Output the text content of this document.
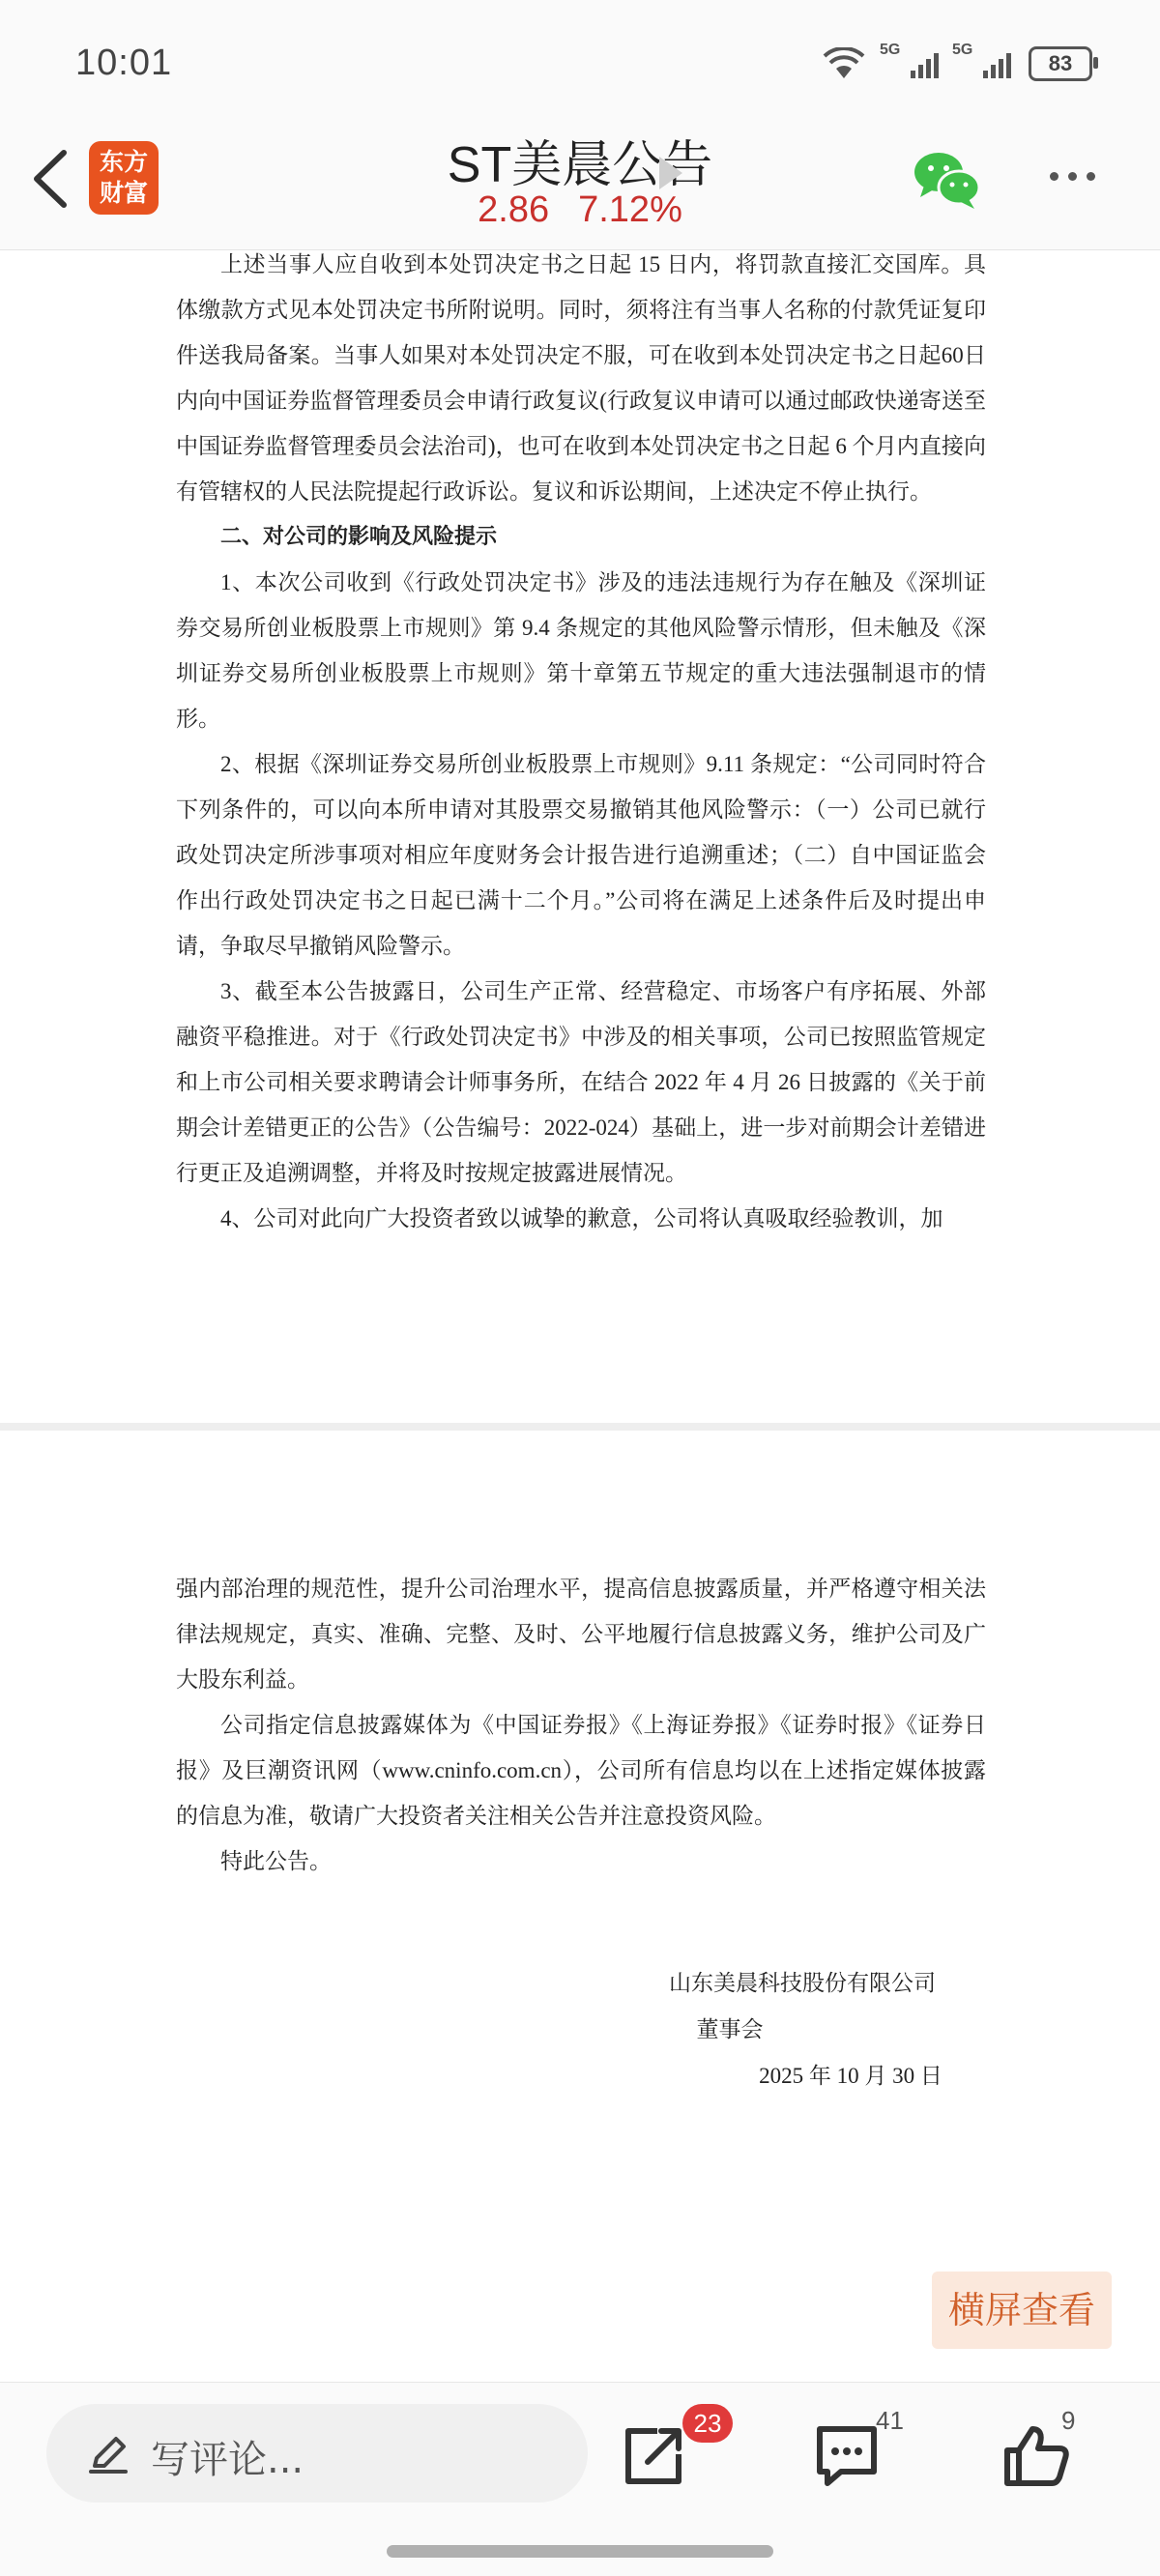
10:01	5G	5G
83
东方
财富	ST美晨公告
2.86 7.12%

上述当事人应自收到本处罚决定书之日起 15 日内，将罚款直接汇交国库。具体缴款方式见本处罚决定书所附说明。同时，须将注有当事人名称的付款凭证复印件送我局备案。当事人如果对本处罚决定不服，可在收到本处罚决定书之日起60日内向中国证券监督管理委员会申请行政复议(行政复议申请可以通过邮政快递寄送至中国证券监督管理委员会法治司)，也可在收到本处罚决定书之日起 6 个月内直接向有管辖权的人民法院提起行政诉讼。复议和诉讼期间，上述决定不停止执行。

二、对公司的影响及风险提示

1、本次公司收到《行政处罚决定书》涉及的违法违规行为存在触及《深圳证券交易所创业板股票上市规则》第 9.4 条规定的其他风险警示情形，但未触及《深圳证券交易所创业板股票上市规则》第十章第五节规定的重大违法强制退市的情形。

2、根据《深圳证券交易所创业板股票上市规则》9.11 条规定：“公司同时符合下列条件的，可以向本所申请对其股票交易撤销其他风险警示：（一）公司已就行政处罚决定所涉事项对相应年度财务会计报告进行追溯重述；（二）自中国证监会作出行政处罚决定书之日起已满十二个月。”公司将在满足上述条件后及时提出申请，争取尽早撤销风险警示。

3、截至本公告披露日，公司生产正常、经营稳定、市场客户有序拓展、外部融资平稳推进。对于《行政处罚决定书》中涉及的相关事项，公司已按照监管规定和上市公司相关要求聘请会计师事务所，在结合 2022 年 4 月 26 日披露的《关于前期会计差错更正的公告》（公告编号：2022-024）基础上，进一步对前期会计差错进行更正及追溯调整，并将及时按规定披露进展情况。

4、公司对此向广大投资者致以诚挚的歉意，公司将认真吸取经验教训，加

强内部治理的规范性，提升公司治理水平，提高信息披露质量，并严格遵守相关法律法规规定，真实、准确、完整、及时、公平地履行信息披露义务，维护公司及广大股东利益。

公司指定信息披露媒体为《中国证券报》《上海证券报》《证券时报》《证券日报》及巨潮资讯网（www.cninfo.com.cn），公司所有信息均以在上述指定媒体披露的信息为准，敬请广大投资者关注相关公告并注意投资风险。

特此公告。

山东美晨科技股份有限公司
董事会
2025 年 10 月 30 日
横屏查看
写评论...
23	41	9
